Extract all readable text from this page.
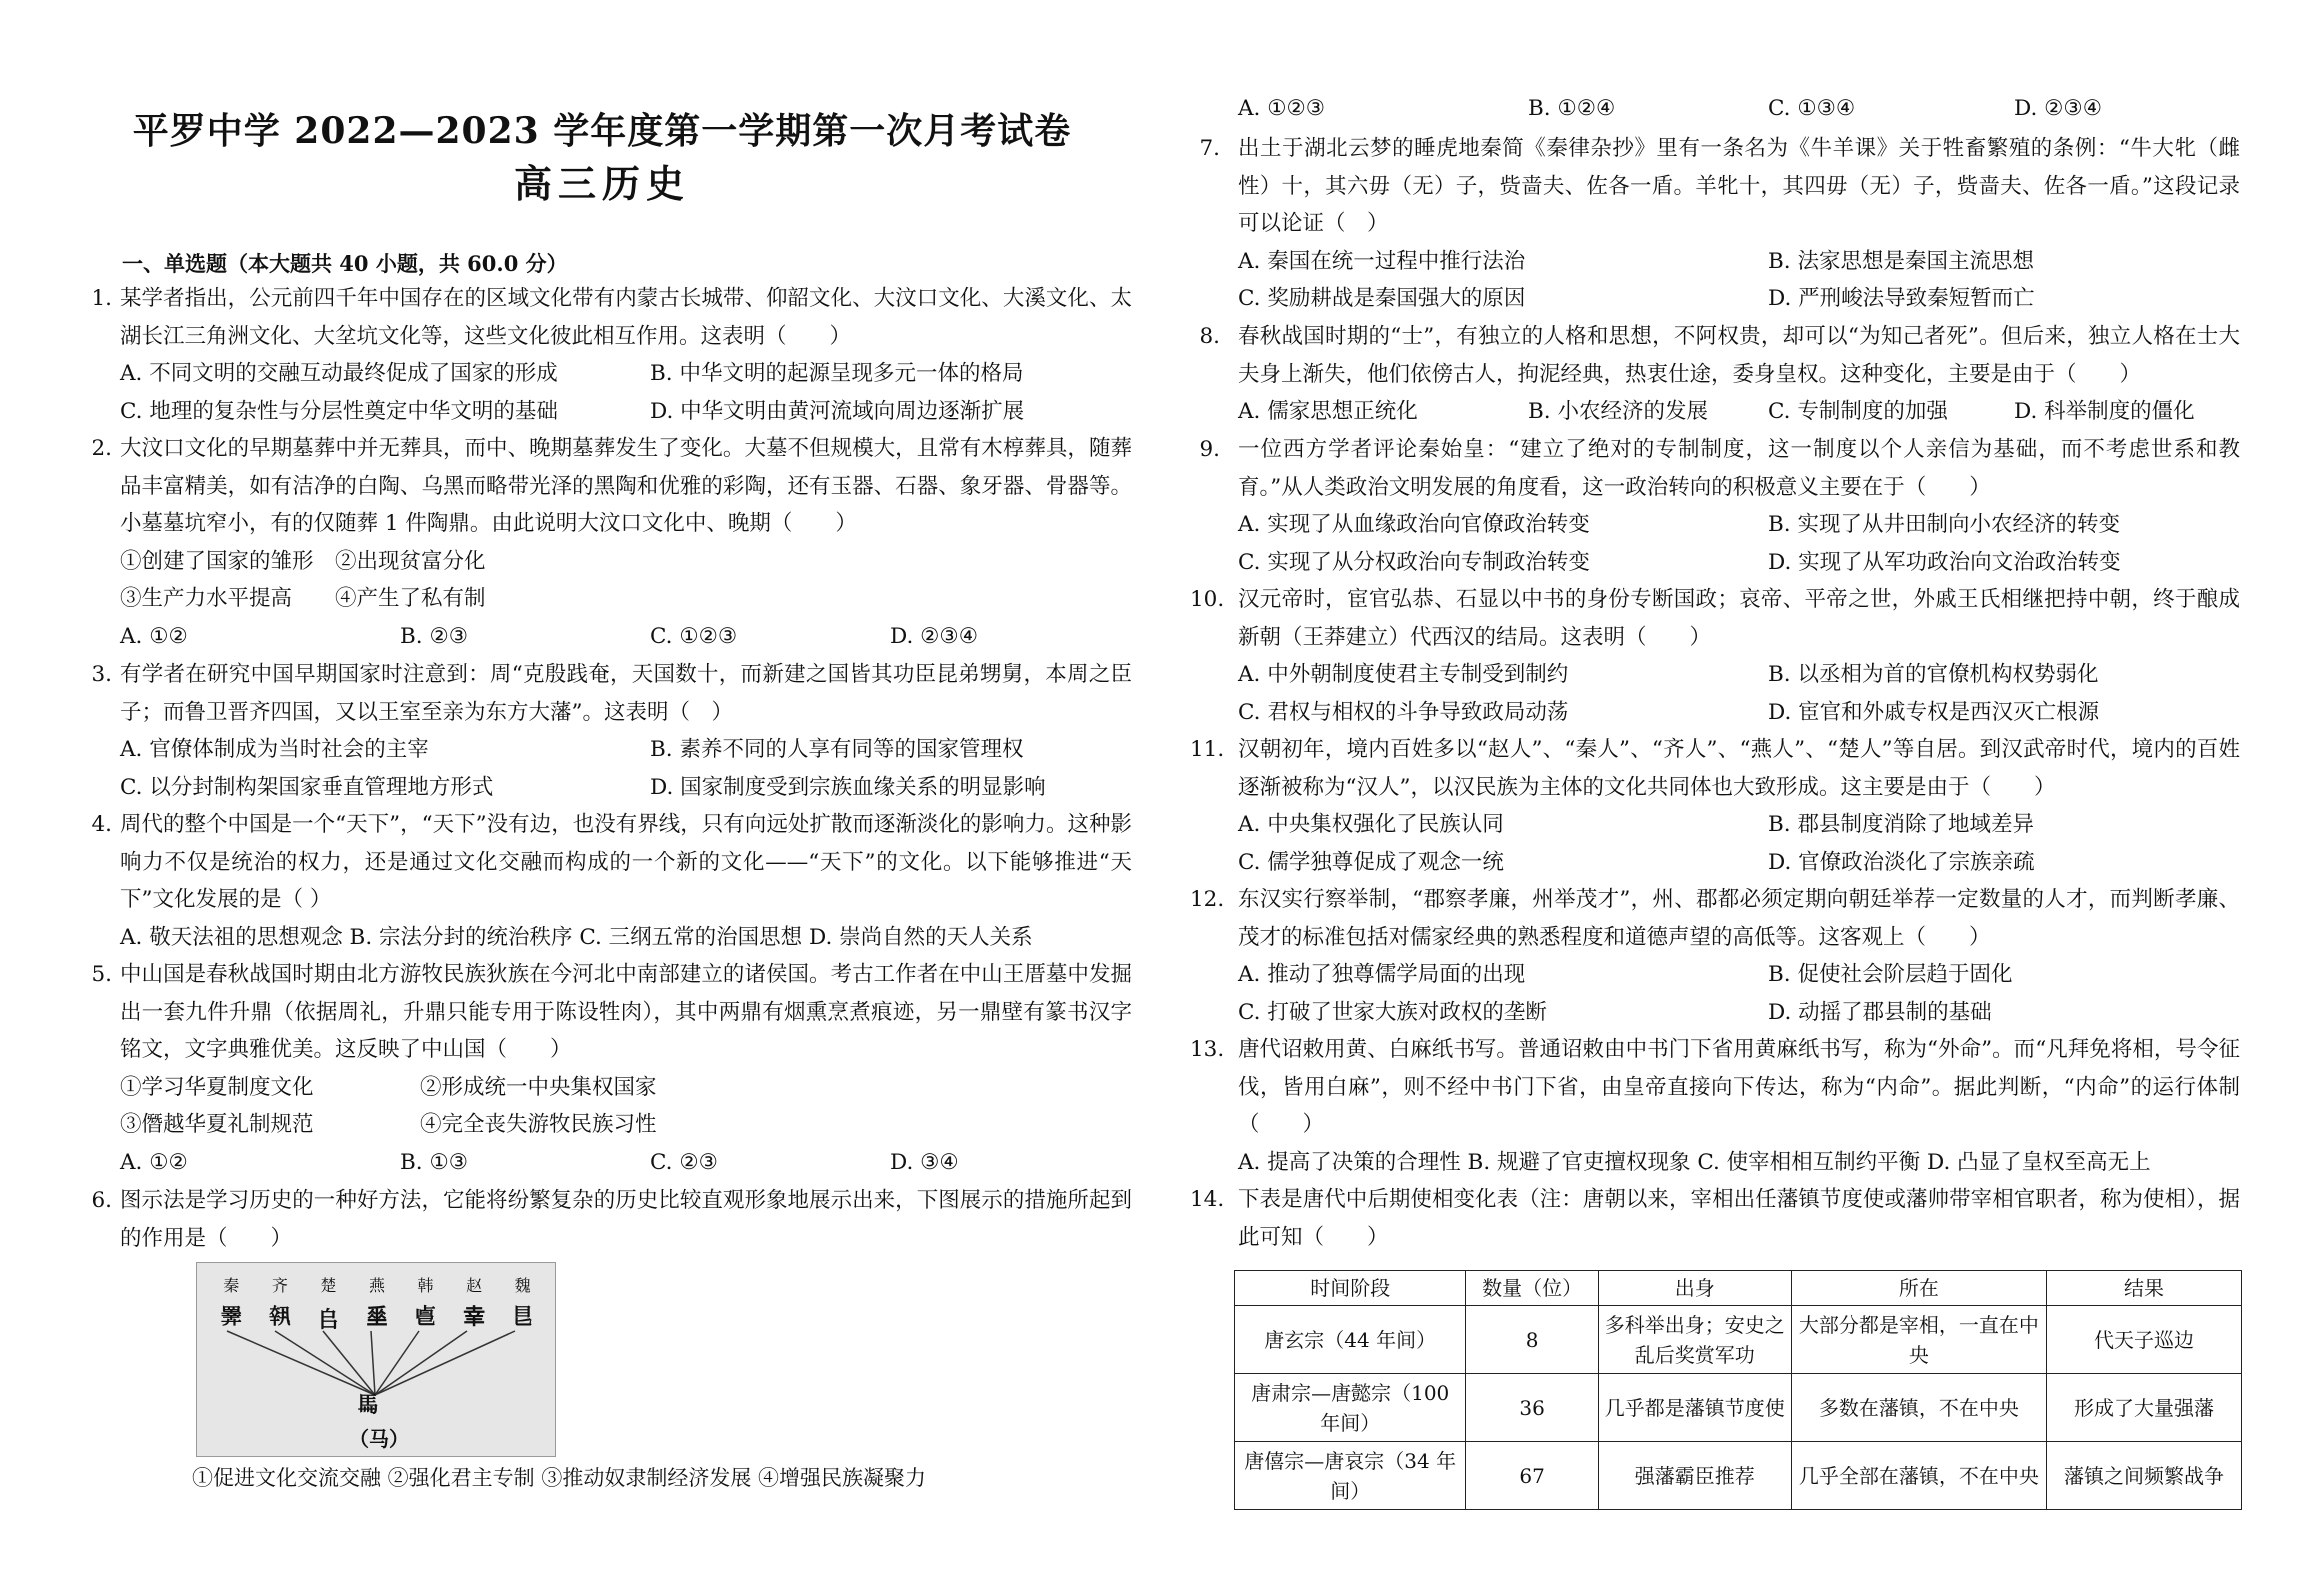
平罗中学 2022—2023 学年度第一学期第一次月考试卷
高三历史
一、单选题（本大题共 40 小题，共 60.0 分）
1. 某学者指出，公元前四千年中国存在的区域文化带有内蒙古长城带、仰韶文化、大汶口文化、大溪文化、太湖长江三角洲文化、大坌坑文化等，这些文化彼此相互作用。这表明（　　）
A. 不同文明的交融互动最终促成了国家的形成	B. 中华文明的起源呈现多元一体的格局
C. 地理的复杂性与分层性奠定中华文明的基础	D. 中华文明由黄河流域向周边逐渐扩展
2. 大汶口文化的早期墓葬中并无葬具，而中、晚期墓葬发生了变化。大墓不但规模大，且常有木椁葬具，随葬品丰富精美，如有洁净的白陶、乌黑而略带光泽的黑陶和优雅的彩陶，还有玉器、石器、象牙器、骨器等。小墓墓坑窄小，有的仅随葬 1 件陶鼎。由此说明大汶口文化中、晚期（　　）
①创建了国家的雏形　②出现贫富分化
③生产力水平提高　　④产生了私有制
A. ①②	B. ②③	C. ①②③	D. ②③④
3. 有学者在研究中国早期国家时注意到：周“克殷践奄，天国数十，而新建之国皆其功臣昆弟甥舅，本周之臣子；而鲁卫晋齐四国，又以王室至亲为东方大藩”。这表明（　）
A. 官僚体制成为当时社会的主宰	B. 素养不同的人享有同等的国家管理权
C. 以分封制构架国家垂直管理地方形式	D. 国家制度受到宗族血缘关系的明显影响
4. 周代的整个中国是一个“天下”，“天下”没有边，也没有界线，只有向远处扩散而逐渐淡化的影响力。这种影响力不仅是统治的权力，还是通过文化交融而构成的一个新的文化——“天下”的文化。以下能够推进“天下”文化发展的是（ ）
A. 敬天法祖的思想观念 B. 宗法分封的统治秩序 C. 三纲五常的治国思想 D. 崇尚自然的天人关系
5. 中山国是春秋战国时期由北方游牧民族狄族在今河北中南部建立的诸侯国。考古工作者在中山王厝墓中发掘出一套九件升鼎（依据周礼，升鼎只能专用于陈设牲肉），其中两鼎有烟熏烹煮痕迹，另一鼎壁有篆书汉字铭文，文字典雅优美。这反映了中山国（　　）
①学习华夏制度文化	②形成统一中央集权国家
③僭越华夏礼制规范	④完全丧失游牧民族习性
A. ①②	B. ①③	C. ②③	D. ③④
6. 图示法是学习历史的一种好方法，它能将纷繁复杂的历史比较直观形象地展示出来，下图展示的措施所起到的作用是（　　）
秦 齐 楚 燕 韩 赵 魏
𢍰 𡙕 𠂤 𡍮 𠧢 𦍒 𥃩
𩡧
（马）
①促进文化交流交融 ②强化君主专制 ③推动奴隶制经济发展 ④增强民族凝聚力
A. ①②③	B. ①②④	C. ①③④	D. ②③④
7. 出土于湖北云梦的睡虎地秦简《秦律杂抄》里有一条名为《牛羊课》关于牲畜繁殖的条例：“牛大牝（雌性）十，其六毋（无）子，赀啬夫、佐各一盾。羊牝十，其四毋（无）子，赀啬夫、佐各一盾。”这段记录可以论证（　）
A. 秦国在统一过程中推行法治	B. 法家思想是秦国主流思想
C. 奖励耕战是秦国强大的原因	D. 严刑峻法导致秦短暂而亡
8. 春秋战国时期的“士”，有独立的人格和思想，不阿权贵，却可以“为知己者死”。但后来，独立人格在士大夫身上渐失，他们依傍古人，拘泥经典，热衷仕途，委身皇权。这种变化，主要是由于（　　）
A. 儒家思想正统化	B. 小农经济的发展	C. 专制制度的加强	D. 科举制度的僵化
9. 一位西方学者评论秦始皇：“建立了绝对的专制制度，这一制度以个人亲信为基础，而不考虑世系和教育。”从人类政治文明发展的角度看，这一政治转向的积极意义主要在于（　　）
A. 实现了从血缘政治向官僚政治转变	B. 实现了从井田制向小农经济的转变
C. 实现了从分权政治向专制政治转变	D. 实现了从军功政治向文治政治转变
10. 汉元帝时，宦官弘恭、石显以中书的身份专断国政；哀帝、平帝之世，外戚王氏相继把持中朝，终于酿成新朝（王莽建立）代西汉的结局。这表明（　　）
A. 中外朝制度使君主专制受到制约	B. 以丞相为首的官僚机构权势弱化
C. 君权与相权的斗争导致政局动荡	D. 宦官和外戚专权是西汉灭亡根源
11. 汉朝初年，境内百姓多以“赵人”、“秦人”、“齐人”、“燕人”、“楚人”等自居。到汉武帝时代，境内的百姓逐渐被称为“汉人”，以汉民族为主体的文化共同体也大致形成。这主要是由于（　　）
A. 中央集权强化了民族认同	B. 郡县制度消除了地域差异
C. 儒学独尊促成了观念一统	D. 官僚政治淡化了宗族亲疏
12. 东汉实行察举制，“郡察孝廉，州举茂才”，州、郡都必须定期向朝廷举荐一定数量的人才，而判断孝廉、茂才的标准包括对儒家经典的熟悉程度和道德声望的高低等。这客观上（　　）
A. 推动了独尊儒学局面的出现	B. 促使社会阶层趋于固化
C. 打破了世家大族对政权的垄断	D. 动摇了郡县制的基础
13. 唐代诏敕用黄、白麻纸书写。普通诏敕由中书门下省用黄麻纸书写，称为“外命”。而“凡拜免将相，号令征伐，皆用白麻”，则不经中书门下省，由皇帝直接向下传达，称为“内命”。据此判断，“内命”的运行体制（　　）
A. 提高了决策的合理性 B. 规避了官吏擅权现象 C. 使宰相相互制约平衡 D. 凸显了皇权至高无上
14. 下表是唐代中后期使相变化表（注：唐朝以来，宰相出任藩镇节度使或藩帅带宰相官职者，称为使相），据此可知（　　）
时间阶段	数量（位）	出身	所在	结果
唐玄宗（44 年间）	8	多科举出身；安史之乱后奖赏军功	大部分都是宰相，一直在中央	代天子巡边
唐肃宗—唐懿宗（100 年间）	36	几乎都是藩镇节度使	多数在藩镇，不在中央	形成了大量强藩
唐僖宗—唐哀宗（34 年间）	67	强藩霸臣推荐	几乎全部在藩镇，不在中央	藩镇之间频繁战争
